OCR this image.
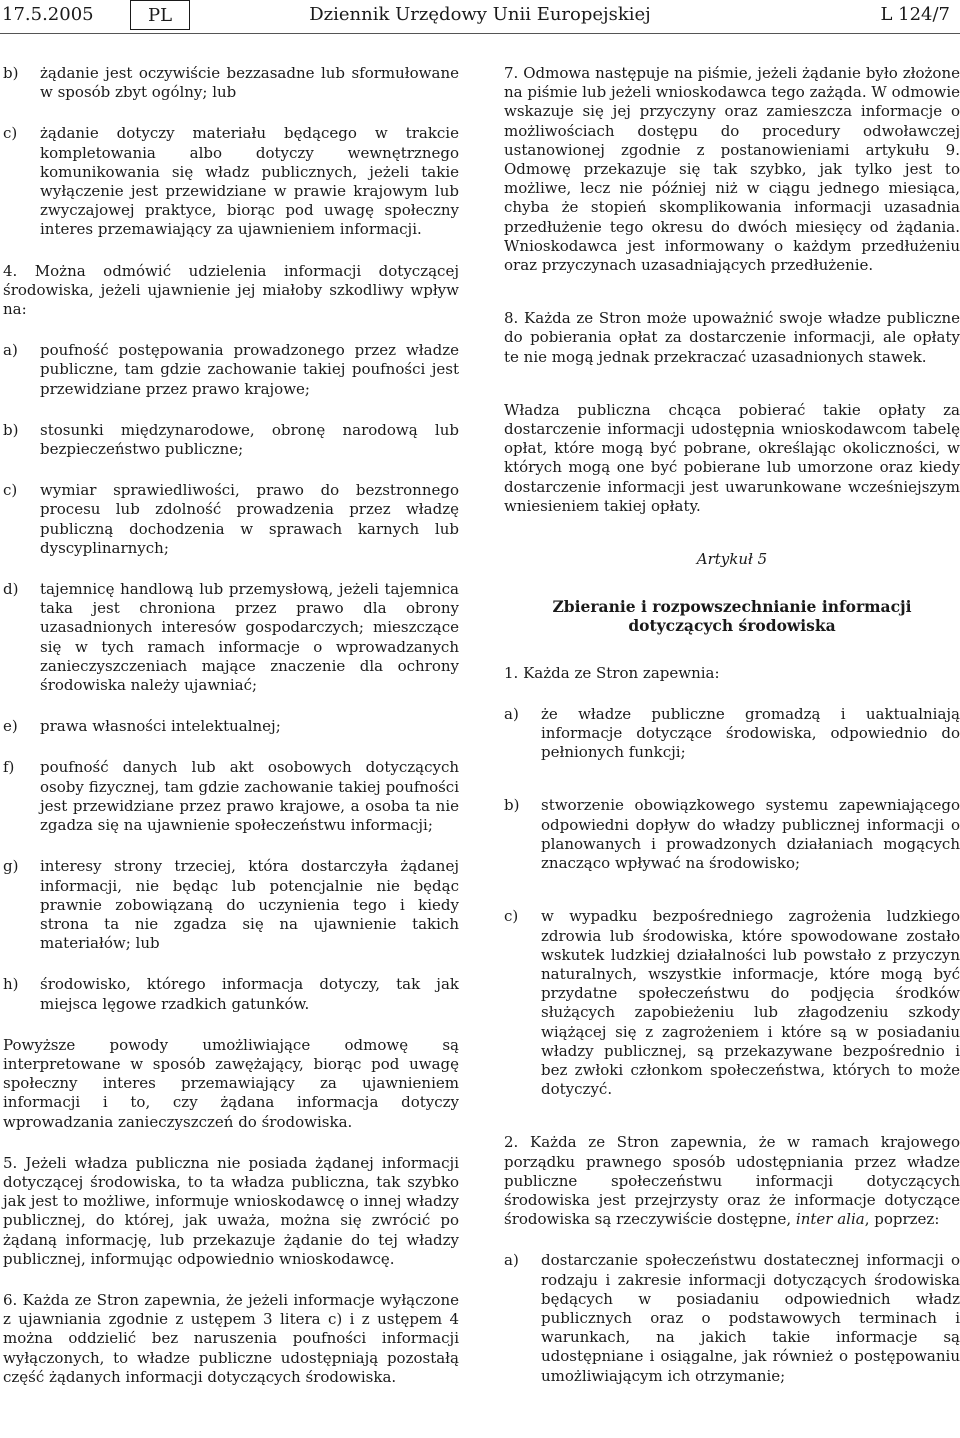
17.5.2005	PL	Dziennik Urzędowy Unii Europejskiej	L 124/7
b) żądanie jest oczywiście bezzasadne lub sformułowane w sposób zbyt ogólny; lub

c) żądanie dotyczy materiału będącego w trakcie kompletowania albo dotyczy wewnętrznego komunikowania się władz publicznych, jeżeli takie wyłączenie jest przewidziane w prawie krajowym lub zwyczajowej praktyce, biorąc pod uwagę społeczny interes przemawiający za ujawnieniem informacji.

4. Można odmówić udzielenia informacji dotyczącej środowiska, jeżeli ujawnienie jej miałoby szkodliwy wpływ na:

a) poufność postępowania prowadzonego przez władze publiczne, tam gdzie zachowanie takiej poufności jest przewidziane przez prawo krajowe;

b) stosunki międzynarodowe, obronę narodową lub bezpieczeństwo publiczne;

c) wymiar sprawiedliwości, prawo do bezstronnego procesu lub zdolność prowadzenia przez władzę publiczną dochodzenia w sprawach karnych lub dyscyplinarnych;

d) tajemnicę handlową lub przemysłową, jeżeli tajemnica taka jest chroniona przez prawo dla obrony uzasadnionych interesów gospodarczych; mieszczące się w tych ramach informacje o wprowadzanych zanieczyszczeniach mające znaczenie dla ochrony środowiska należy ujawniać;

e) prawa własności intelektualnej;

f) poufność danych lub akt osobowych dotyczących osoby fizycznej, tam gdzie zachowanie takiej poufności jest przewidziane przez prawo krajowe, a osoba ta nie zgadza się na ujawnienie społeczeństwu informacji;

g) interesy strony trzeciej, która dostarczyła żądanej informacji, nie będąc lub potencjalnie nie będąc prawnie zobowiązaną do uczynienia tego i kiedy strona ta nie zgadza się na ujawnienie takich materiałów; lub

h) środowisko, którego informacja dotyczy, tak jak miejsca lęgowe rzadkich gatunków.

Powyższe powody umożliwiające odmowę są interpretowane w sposób zawężający, biorąc pod uwagę społeczny interes przemawiający za ujawnieniem informacji i to, czy żądana informacja dotyczy wprowadzania zanieczyszczeń do środowiska.

5. Jeżeli władza publiczna nie posiada żądanej informacji dotyczącej środowiska, to ta władza publiczna, tak szybko jak jest to możliwe, informuje wnioskodawcę o innej władzy publicznej, do której, jak uważa, można się zwrócić po żądaną informację, lub przekazuje żądanie do tej władzy publicznej, informując odpowiednio wnioskodawcę.

6. Każda ze Stron zapewnia, że jeżeli informacje wyłączone z ujawniania zgodnie z ustępem 3 litera c) i z ustępem 4 można oddzielić bez naruszenia poufności informacji wyłączonych, to władze publiczne udostępniają pozostałą część żądanych informacji dotyczących środowiska.

7. Odmowa następuje na piśmie, jeżeli żądanie było złożone na piśmie lub jeżeli wnioskodawca tego zażąda. W odmowie wskazuje się jej przyczyny oraz zamieszcza informacje o możliwościach dostępu do procedury odwoławczej ustanowionej zgodnie z postanowieniami artykułu 9. Odmowę przekazuje się tak szybko, jak tylko jest to możliwe, lecz nie później niż w ciągu jednego miesiąca, chyba że stopień skomplikowania informacji uzasadnia przedłużenie tego okresu do dwóch miesięcy od żądania. Wnioskodawca jest informowany o każdym przedłużeniu oraz przyczynach uzasadniających przedłużenie.

8. Każda ze Stron może upoważnić swoje władze publiczne do pobierania opłat za dostarczenie informacji, ale opłaty te nie mogą jednak przekraczać uzasadnionych stawek.

Władza publiczna chcąca pobierać takie opłaty za dostarczenie informacji udostępnia wnioskodawcom tabelę opłat, które mogą być pobrane, określając okoliczności, w których mogą one być pobierane lub umorzone oraz kiedy dostarczenie informacji jest uwarunkowane wcześniejszym wniesieniem takiej opłaty.

Artykuł 5

Zbieranie i rozpowszechnianie informacji dotyczących środowiska

1. Każda ze Stron zapewnia:

a) że władze publiczne gromadzą i uaktualniają informacje dotyczące środowiska, odpowiednio do pełnionych funkcji;

b) stworzenie obowiązkowego systemu zapewniającego odpowiedni dopływ do władzy publicznej informacji o planowanych i prowadzonych działaniach mogących znacząco wpływać na środowisko;

c) w wypadku bezpośredniego zagrożenia ludzkiego zdrowia lub środowiska, które spowodowane zostało wskutek ludzkiej działalności lub powstało z przyczyn naturalnych, wszystkie informacje, które mogą być przydatne społeczeństwu do podjęcia środków służących zapobieżeniu lub złagodzeniu szkody wiążącej się z zagrożeniem i które są w posiadaniu władzy publicznej, są przekazywane bezpośrednio i bez zwłoki członkom społeczeństwa, których to może dotyczyć.

2. Każda ze Stron zapewnia, że w ramach krajowego porządku prawnego sposób udostępniania przez władze publiczne społeczeństwu informacji dotyczących środowiska jest przejrzysty oraz że informacje dotyczące środowiska są rzeczywiście dostępne, inter alia, poprzez:

a) dostarczanie społeczeństwu dostatecznej informacji o rodzaju i zakresie informacji dotyczących środowiska będących w posiadaniu odpowiednich władz publicznych oraz o podstawowych terminach i warunkach, na jakich takie informacje są udostępniane i osiągalne, jak również o postępowaniu umożliwiającym ich otrzymanie;
